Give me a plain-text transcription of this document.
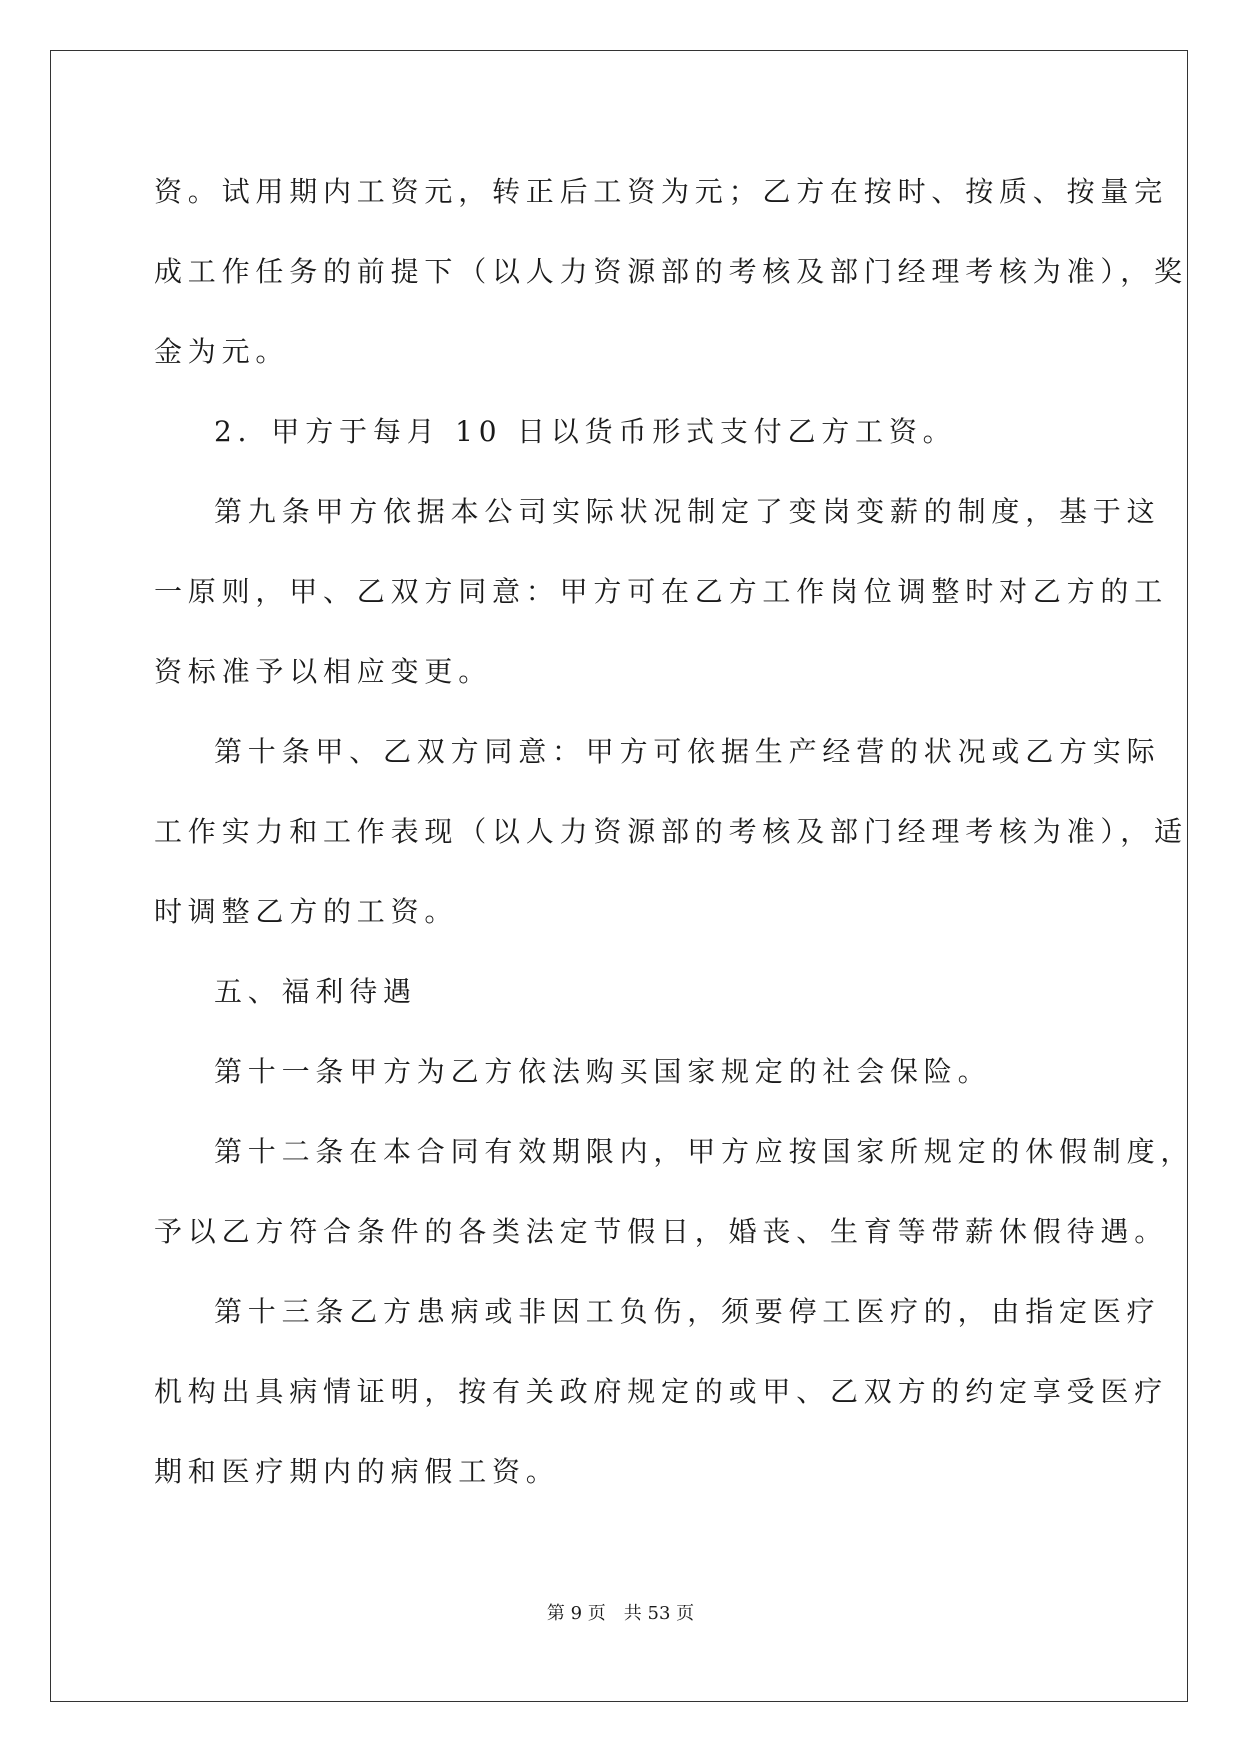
资。试用期内工资元，转正后工资为元；乙方在按时、按质、按量完
成工作任务的前提下（以人力资源部的考核及部门经理考核为准），奖
金为元。
2．甲方于每月 10 日以货币形式支付乙方工资。
第九条甲方依据本公司实际状况制定了变岗变薪的制度，基于这
一原则，甲、乙双方同意：甲方可在乙方工作岗位调整时对乙方的工
资标准予以相应变更。
第十条甲、乙双方同意：甲方可依据生产经营的状况或乙方实际
工作实力和工作表现（以人力资源部的考核及部门经理考核为准），适
时调整乙方的工资。
五、福利待遇
第十一条甲方为乙方依法购买国家规定的社会保险。
第十二条在本合同有效期限内，甲方应按国家所规定的休假制度，
予以乙方符合条件的各类法定节假日，婚丧、生育等带薪休假待遇。
第十三条乙方患病或非因工负伤，须要停工医疗的，由指定医疗
机构出具病情证明，按有关政府规定的或甲、乙双方的约定享受医疗
期和医疗期内的病假工资。
第 9 页　共 53 页
